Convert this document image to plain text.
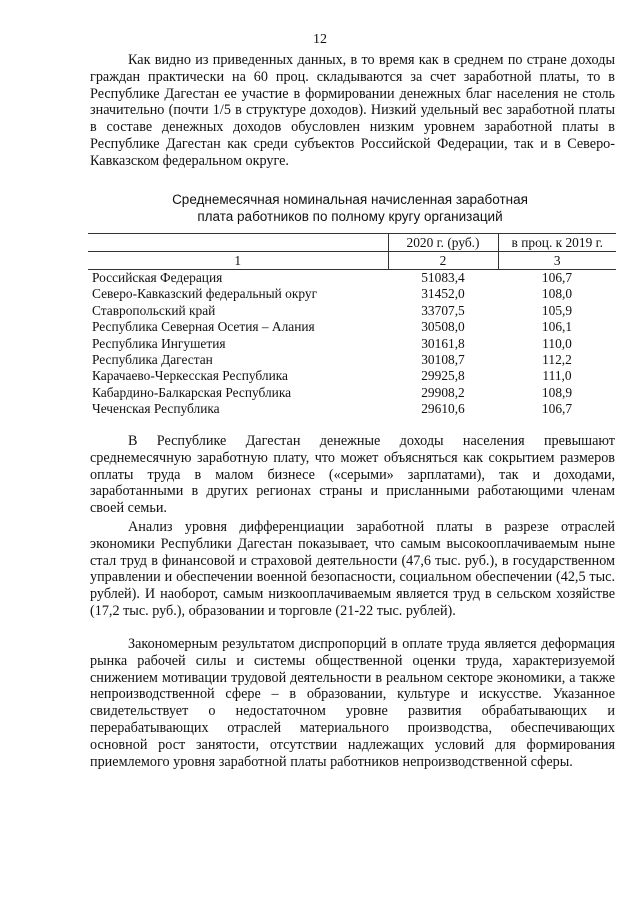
12

Как видно из приведенных данных, в то время как в среднем по стране доходы граждан практически на 60 проц. складываются за счет заработной платы, то в Республике Дагестан ее участие в формировании денежных благ населения не столь значительно (почти 1/5 в структуре доходов). Низкий удельный вес заработной платы в составе денежных доходов обусловлен низким уровнем заработной платы в Республике Дагестан как среди субъектов Российской Федерации, так и в Северо-Кавказском федеральном округе.

Среднемесячная номинальная начисленная заработная
плата работников по полному кругу организаций
	2020 г. (руб.)	в проц. к 2019 г.
1	2	3
Российская Федерация	51083,4	106,7
Северо-Кавказский федеральный округ	31452,0	108,0
Ставропольский край	33707,5	105,9
Республика Северная Осетия – Алания	30508,0	106,1
Республика Ингушетия	30161,8	110,0
Республика Дагестан	30108,7	112,2
Карачаево-Черкесская Республика	29925,8	111,0
Кабардино-Балкарская Республика	29908,2	108,9
Чеченская Республика	29610,6	106,7

В Республике Дагестан денежные доходы населения превышают среднемесячную заработную плату, что может объясняться как сокрытием размеров оплаты труда в малом бизнесе («серыми» зарплатами), так и доходами, заработанными в других регионах страны и присланными работающими членам своей семьи.

Анализ уровня дифференциации заработной платы в разрезе отраслей экономики Республики Дагестан показывает, что самым высокооплачиваемым ныне стал труд в финансовой и страховой деятельности (47,6 тыс. руб.), в государственном управлении и обеспечении военной безопасности, социальном обеспечении (42,5 тыс. рублей). И наоборот, самым низкооплачиваемым является труд в сельском хозяйстве (17,2 тыс. руб.), образовании и торговле (21-22 тыс. рублей).

Закономерным результатом диспропорций в оплате труда является деформация рынка рабочей силы и системы общественной оценки труда, характеризуемой снижением мотивации трудовой деятельности в реальном секторе экономики, а также непроизводственной сфере – в образовании, культуре и искусстве. Указанное свидетельствует о недостаточном уровне развития обрабатывающих и перерабатывающих отраслей материального производства, обеспечивающих основной рост занятости, отсутствии надлежащих условий для формирования приемлемого уровня заработной платы работников непроизводственной сферы.
